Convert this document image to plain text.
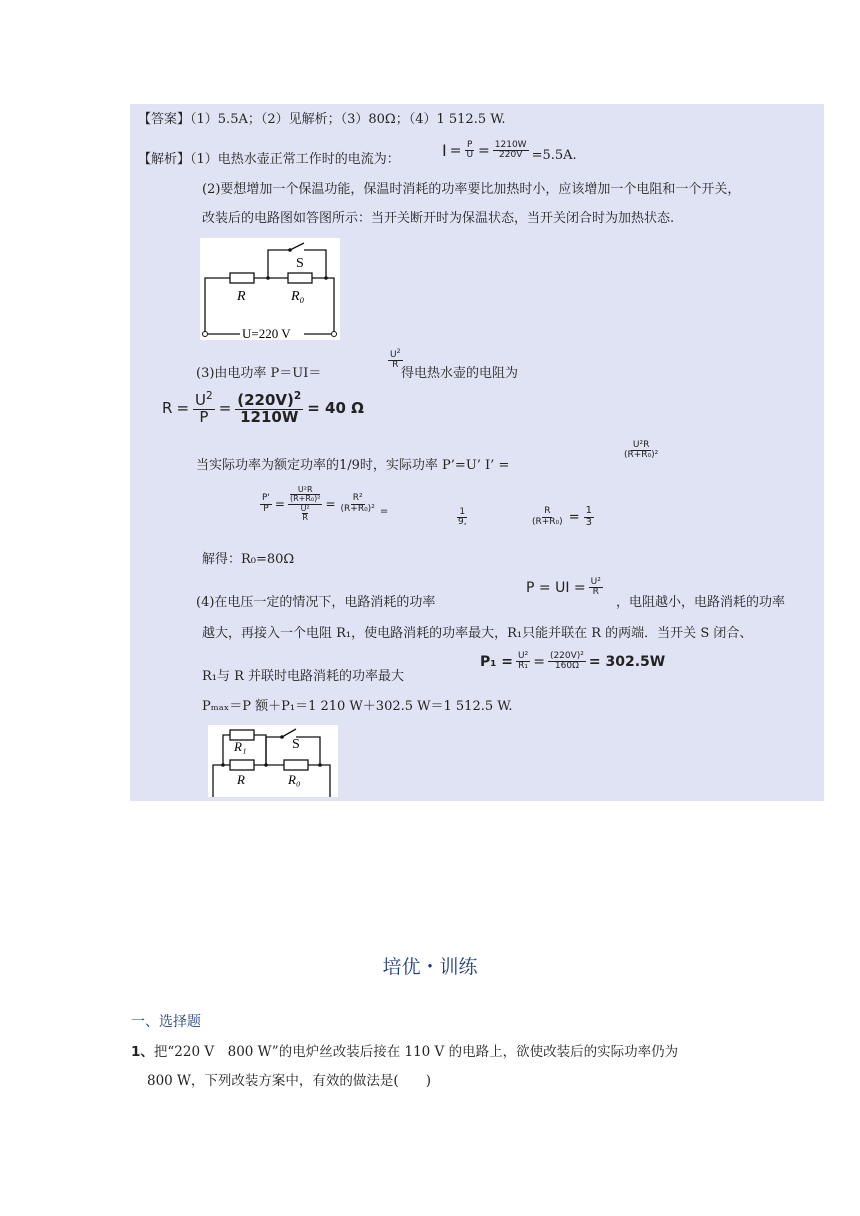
【答案】（1）5.5A；（2）见解析；（3）80Ω；（4）1 512.5 W.
【解析】（1）电热水壶正常工作时的电流为：	$I = \frac{P}{U} = \frac{1210W}{220V} =5.5A$.
(2)要想增加一个保温功能，保温时消耗的功率要比加热时小，应该增加一个电阻和一个开关，
改装后的电路图如答图所示：当开关断开时为保温状态，当开关闭合时为加热状态.
S
R	R₀
U=220 V
(3)由电功率 P＝UI＝
$\frac{U^2}{R}$
得电热水壶的电阻为
$R = \frac{U^2}{P} = \frac{(220V)^2}{1210W} = 40$ Ω
当实际功率为额定功率的1/9时，实际功率 P’=U’ I’ =
$\frac{\text{U²R}}{\text{(R+R₀)²}}$
$\frac{P'}{P} = U^2R$
(R+R₀)²
U²
$R = \frac{\text{R²}}{\text{(R+R₀)²}}$ =	$\frac{1}{9,}$	$\frac{R}{\text{(R+R₀)}} = \frac{1}{3}$
解得：R₀=80Ω
(4)在电压一定的情况下，电路消耗的功率
P = UI = $\frac{\text{U²}}{R}$
，电阻越小，电路消耗的功率
越大，再接入一个电阻 R₁，使电路消耗的功率最大，R₁只能并联在 R 的两端．当开关 S 闭合、
R₁与 R 并联时电路消耗的功率最大
$P_1 = \frac{\text{U²}}{\text{R₁}} = \frac{\text{(220V)²}}{160\Omega} = 302.5W$
Pₘₐₓ＝P 额＋P₁＝1 210 W＋302.5 W＝1 512.5 W.
R₁	S
R	R₀
培优・训练
一、选择题
1、把“220 V　800 W”的电炉丝改装后接在 110 V 的电路上，欲使改装后的实际功率仍为
800 W，下列改装方案中，有效的做法是(　　)
